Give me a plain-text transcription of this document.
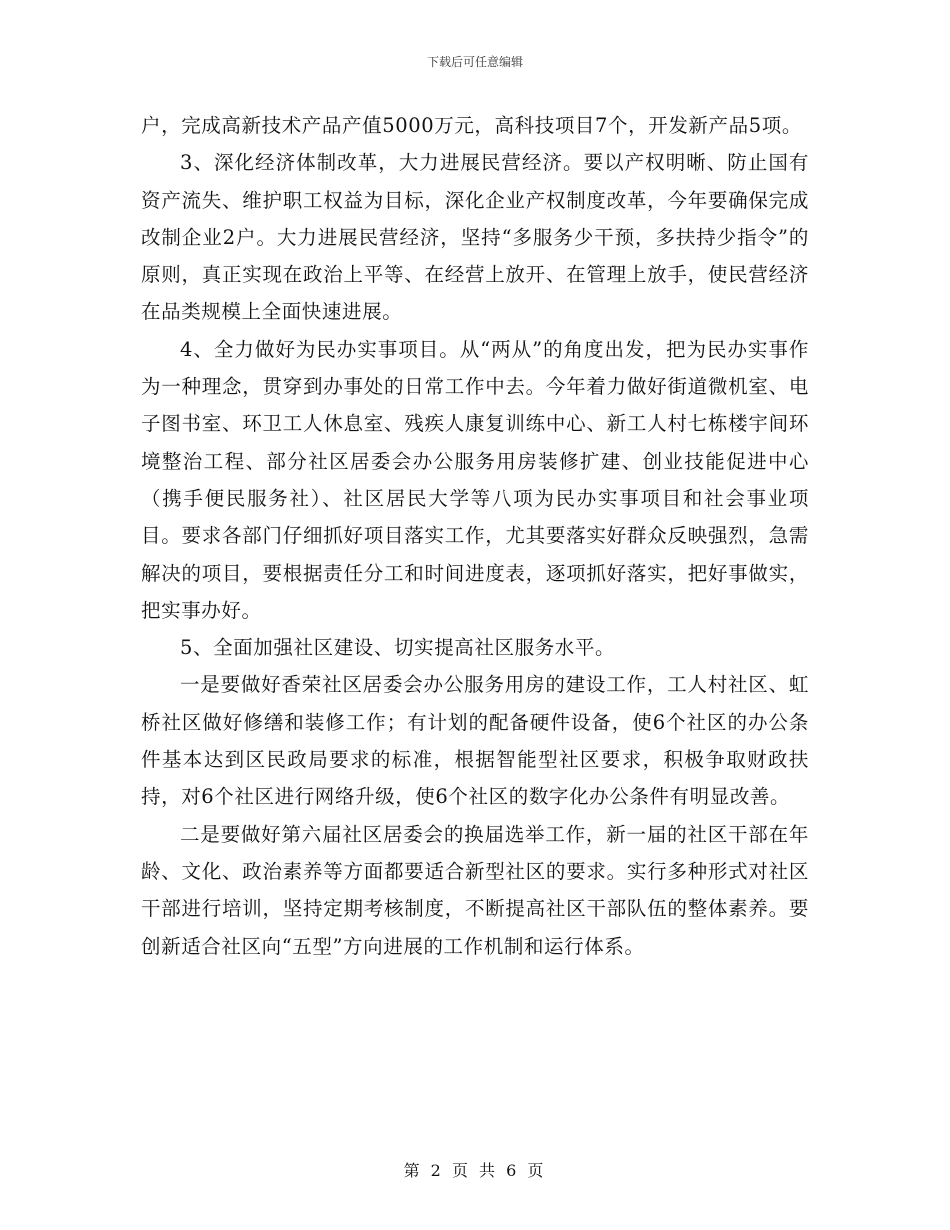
下载后可任意编辑

户，完成高新技术产品产值5000万元，高科技项目7个，开发新产品5项。

3、深化经济体制改革，大力进展民营经济。要以产权明晰、防止国有资产流失、维护职工权益为目标，深化企业产权制度改革，今年要确保完成改制企业2户。大力进展民营经济，坚持“多服务少干预，多扶持少指令”的原则，真正实现在政治上平等、在经营上放开、在管理上放手，使民营经济在品类规模上全面快速进展。

4、全力做好为民办实事项目。从“两从”的角度出发，把为民办实事作为一种理念，贯穿到办事处的日常工作中去。今年着力做好街道微机室、电子图书室、环卫工人休息室、残疾人康复训练中心、新工人村七栋楼宇间环境整治工程、部分社区居委会办公服务用房装修扩建、创业技能促进中心（携手便民服务社）、社区居民大学等八项为民办实事项目和社会事业项目。要求各部门仔细抓好项目落实工作，尤其要落实好群众反映强烈，急需解决的项目，要根据责任分工和时间进度表，逐项抓好落实，把好事做实，把实事办好。

5、全面加强社区建设、切实提高社区服务水平。

一是要做好香荣社区居委会办公服务用房的建设工作，工人村社区、虹桥社区做好修缮和装修工作；有计划的配备硬件设备，使6个社区的办公条件基本达到区民政局要求的标准，根据智能型社区要求，积极争取财政扶持，对6个社区进行网络升级，使6个社区的数字化办公条件有明显改善。

二是要做好第六届社区居委会的换届选举工作，新一届的社区干部在年龄、文化、政治素养等方面都要适合新型社区的要求。实行多种形式对社区干部进行培训，坚持定期考核制度，不断提高社区干部队伍的整体素养。要创新适合社区向“五型”方向进展的工作机制和运行体系。

第 2 页 共 6 页
